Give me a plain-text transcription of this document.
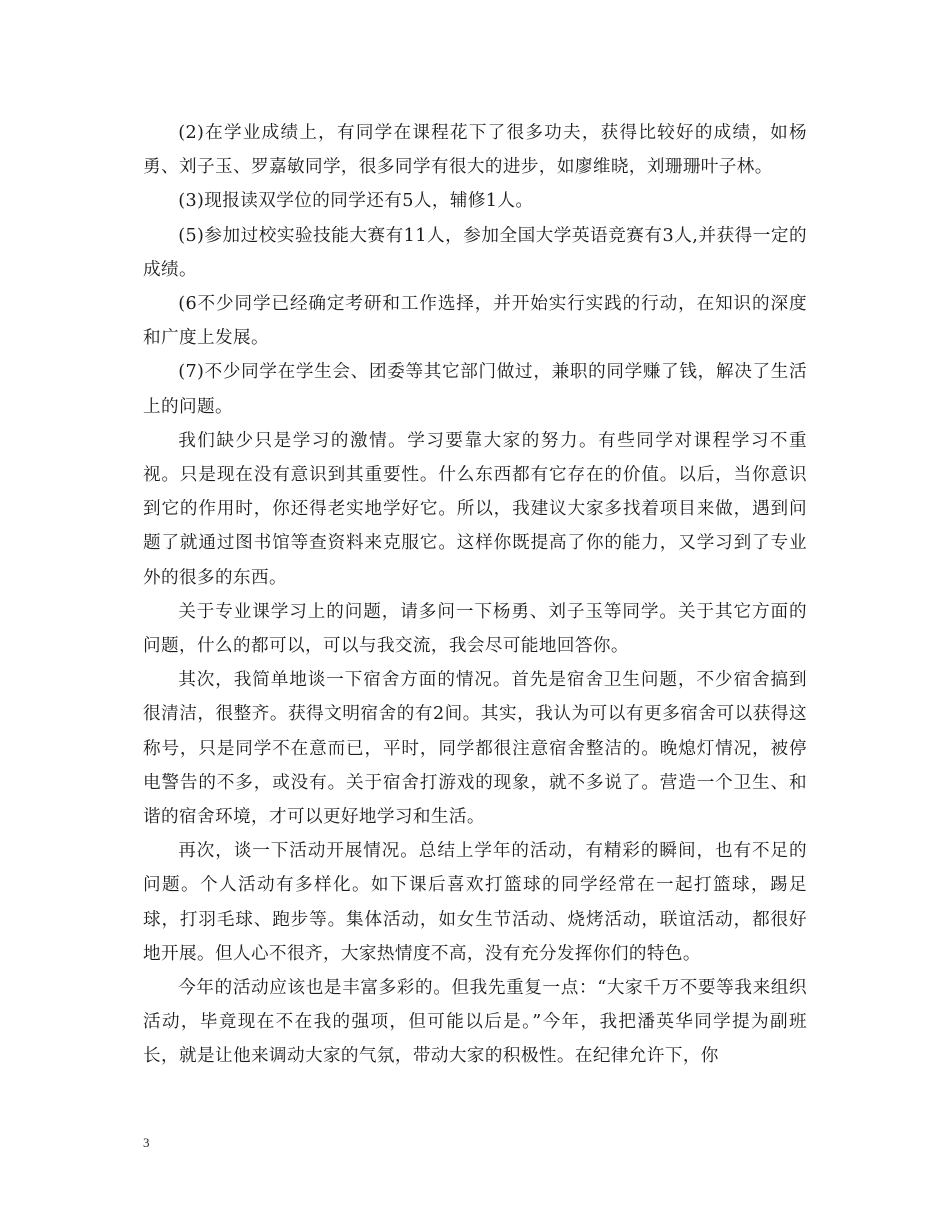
(2)在学业成绩上，有同学在课程花下了很多功夫，获得比较好的成绩，如杨勇、刘子玉、罗嘉敏同学，很多同学有很大的进步，如廖维晓，刘珊珊叶子林。

(3)现报读双学位的同学还有5人，辅修1人。

(5)参加过校实验技能大赛有11人，参加全国大学英语竞赛有3人,并获得一定的成绩。

(6不少同学已经确定考研和工作选择，并开始实行实践的行动，在知识的深度和广度上发展。

(7)不少同学在学生会、团委等其它部门做过，兼职的同学赚了钱，解决了生活上的问题。

我们缺少只是学习的激情。学习要靠大家的努力。有些同学对课程学习不重视。只是现在没有意识到其重要性。什么东西都有它存在的价值。以后，当你意识到它的作用时，你还得老实地学好它。所以，我建议大家多找着项目来做，遇到问题了就通过图书馆等查资料来克服它。这样你既提高了你的能力，又学习到了专业外的很多的东西。

关于专业课学习上的问题，请多问一下杨勇、刘子玉等同学。关于其它方面的问题，什么的都可以，可以与我交流，我会尽可能地回答你。

其次，我简单地谈一下宿舍方面的情况。首先是宿舍卫生问题，不少宿舍搞到很清洁，很整齐。获得文明宿舍的有2间。其实，我认为可以有更多宿舍可以获得这称号，只是同学不在意而已，平时，同学都很注意宿舍整洁的。晚熄灯情况，被停电警告的不多，或没有。关于宿舍打游戏的现象，就不多说了。营造一个卫生、和谐的宿舍环境，才可以更好地学习和生活。

再次，谈一下活动开展情况。总结上学年的活动，有精彩的瞬间，也有不足的问题。个人活动有多样化。如下课后喜欢打篮球的同学经常在一起打篮球，踢足球，打羽毛球、跑步等。集体活动，如女生节活动、烧烤活动，联谊活动，都很好地开展。但人心不很齐，大家热情度不高，没有充分发挥你们的特色。

今年的活动应该也是丰富多彩的。但我先重复一点：“大家千万不要等我来组织活动，毕竟现在不在我的强项，但可能以后是。”今年，我把潘英华同学提为副班长，就是让他来调动大家的气氛，带动大家的积极性。在纪律允许下，你

3
